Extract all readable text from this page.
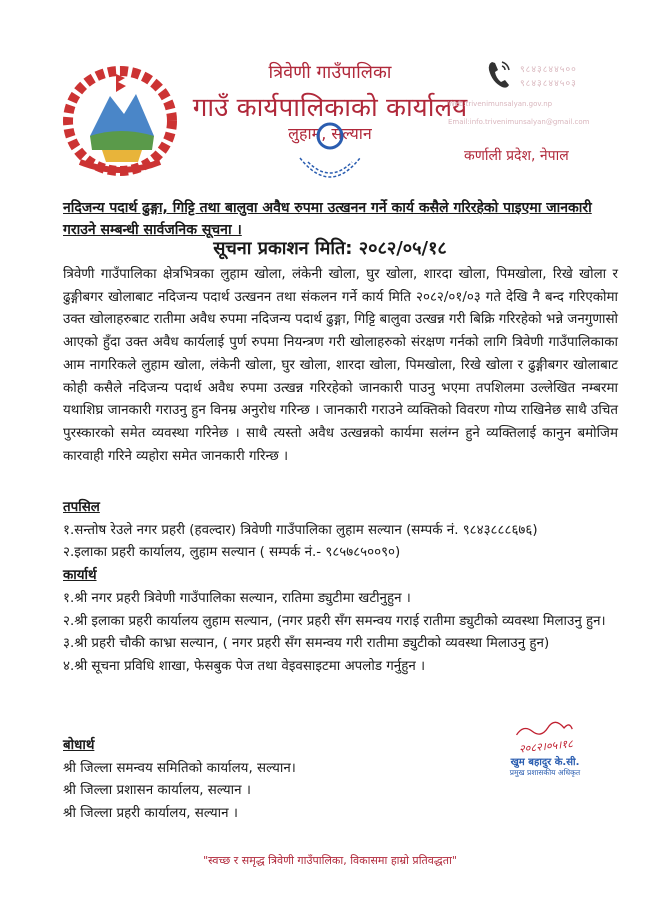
त्रिवेणी गाउँपालिका
गाउँ कार्यपालिकाको कार्यालय
लुहाम, सल्यान
९८४३८४४५००
९८४३८४४५०३
Web:trivenimunsalyan.gov.np
Email:info.trivenimunsalyan@gmail.com
कर्णाली प्रदेश, नेपाल
नदिजन्य पदार्थ ढुङ्गा, गिट्टि तथा बालुवा अवैध रुपमा उत्खनन गर्ने कार्य कसैले गरिरहेको पाइएमा जानकारी गराउने सम्बन्धी सार्वजनिक सूचना ।
सूचना प्रकाशन मिति: २०८२/०५/१८
त्रिवेणी गाउँपालिका क्षेत्रभित्रका लुहाम खोला, लंकेनी खोला, घुर खोला, शारदा खोला, पिमखोला, रिखे खोला र ढुङ्गीबगर खोलाबाट नदिजन्य पदार्थ उत्खनन तथा संकलन गर्ने कार्य मिति २०८२/०१/०३ गते देखि नै बन्द गरिएकोमा उक्त खोलाहरुबाट रातीमा अवैध रुपमा नदिजन्य पदार्थ ढुङ्गा, गिट्टि बालुवा उत्खन्न गरी बिक्रि गरिरहेको भन्ने जनगुणासो आएको हुँदा उक्त अवैध कार्यलाई पुर्ण रुपमा नियन्त्रण गरी खोलाहरुको संरक्षण गर्नको लागि त्रिवेणी गाउँपालिकाका आम नागरिकले लुहाम खोला, लंकेनी खोला, घुर खोला, शारदा खोला, पिमखोला, रिखे खोला र ढुङ्गीबगर खोलाबाट कोही कसैले नदिजन्य पदार्थ अवैध रुपमा उत्खन्न गरिरहेको जानकारी पाउनु भएमा तपशिलमा उल्लेखित नम्बरमा यथाशिघ्र जानकारी गराउनु हुन विनम्र अनुरोध गरिन्छ । जानकारी गराउने व्यक्तिको विवरण गोप्य राखिनेछ साथै उचित पुरस्कारको समेत व्यवस्था गरिनेछ । साथै त्यस्तो अवैध उत्खन्नको कार्यमा सलंग्न हुने व्यक्तिलाई कानुन बमोजिम कारवाही गरिने व्यहोरा समेत जानकारी गरिन्छ ।
तपसिल
१.सन्तोष रेउले नगर प्रहरी (हवल्दार) त्रिवेणी गाउँपालिका लुहाम सल्यान (सम्पर्क नं. ९८४३८८८६७६)
२.इलाका प्रहरी कार्यालय, लुहाम सल्यान ( सम्पर्क नं.- ९८५७८५००९०)
कार्यार्थ
१.श्री नगर प्रहरी त्रिवेणी गाउँपालिका सल्यान, रातिमा ड्युटीमा खटीनुहुन ।
२.श्री इलाका प्रहरी कार्यालय लुहाम सल्यान, (नगर प्रहरी सँग समन्वय गराई रातीमा ड्युटीको व्यवस्था मिलाउनु हुन।
३.श्री प्रहरी चौकी काभ्रा सल्यान, ( नगर प्रहरी सँग समन्वय गरी रातीमा ड्युटीको व्यवस्था मिलाउनु हुन)
४.श्री सूचना प्रविधि शाखा, फेसबुक पेज तथा वेइवसाइटमा अपलोड गर्नुहुन ।
बोधार्थ
श्री जिल्ला समन्वय समितिको कार्यालय, सल्यान।
श्री जिल्ला प्रशासन कार्यालय, सल्यान ।
श्री जिल्ला प्रहरी कार्यालय, सल्यान ।
२०८२।०५।१८
खुम बहादुर के.सी.
प्रमुख प्रशासकीय अधिकृत
"स्वच्छ र समृद्ध त्रिवेणी गाउँपालिका, विकासमा हाम्रो प्रतिवद्धता"
